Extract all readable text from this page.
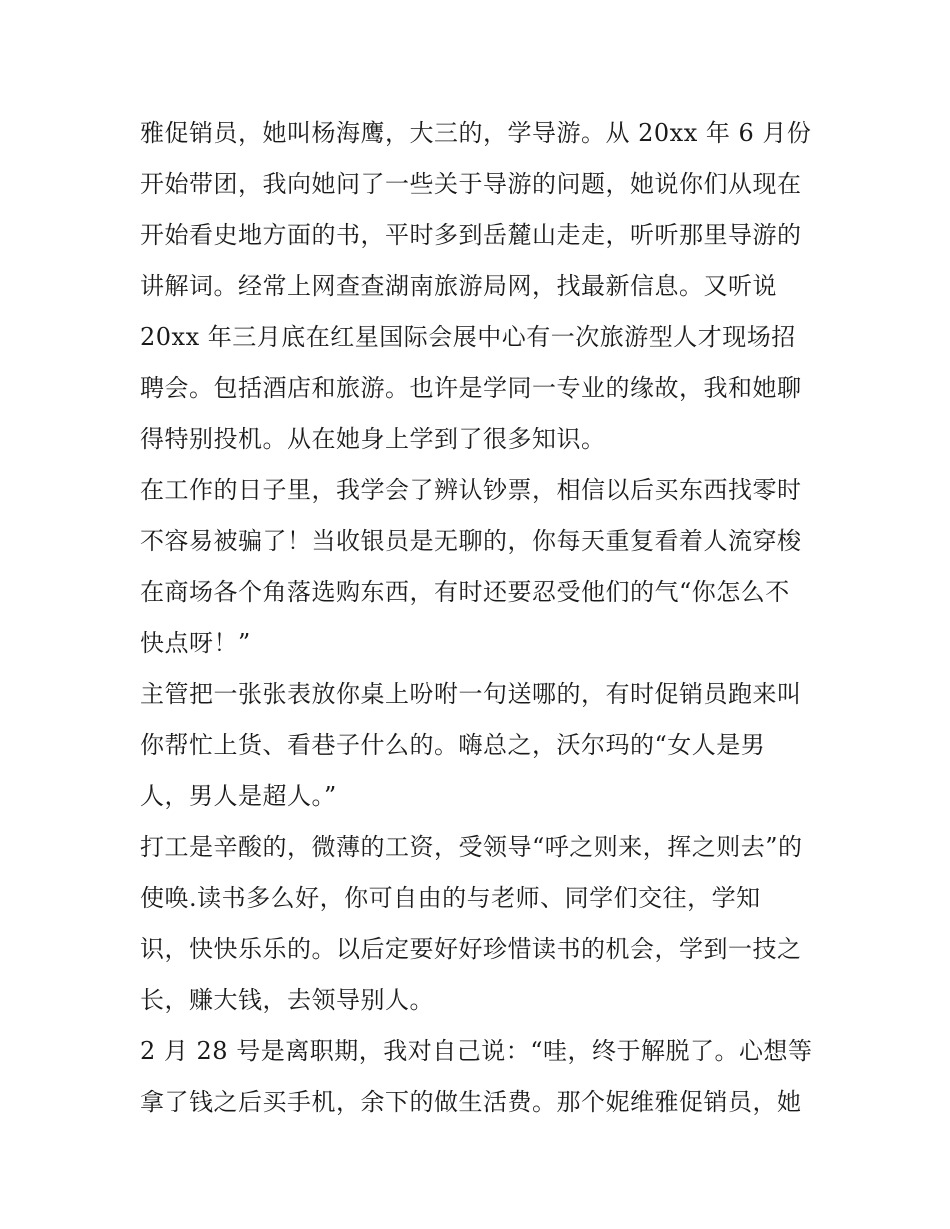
雅促销员，她叫杨海鹰，大三的，学导游。从 20xx 年 6 月份
开始带团，我向她问了一些关于导游的问题，她说你们从现在
开始看史地方面的书，平时多到岳麓山走走，听听那里导游的
讲解词。经常上网查查湖南旅游局网，找最新信息。又听说
20xx 年三月底在红星国际会展中心有一次旅游型人才现场招
聘会。包括酒店和旅游。也许是学同一专业的缘故，我和她聊
得特别投机。从在她身上学到了很多知识。
在工作的日子里，我学会了辨认钞票，相信以后买东西找零时
不容易被骗了！当收银员是无聊的，你每天重复看着人流穿梭
在商场各个角落选购东西，有时还要忍受他们的气“你怎么不
快点呀！”
主管把一张张表放你桌上吩咐一句送哪的，有时促销员跑来叫
你帮忙上货、看巷子什么的。嗨总之，沃尔玛的“女人是男
人，男人是超人。”
打工是辛酸的，微薄的工资，受领导“呼之则来，挥之则去”的
使唤.读书多么好，你可自由的与老师、同学们交往，学知
识，快快乐乐的。以后定要好好珍惜读书的机会，学到一技之
长，赚大钱，去领导别人。
2 月 28 号是离职期，我对自己说：“哇，终于解脱了。心想等
拿了钱之后买手机，余下的做生活费。那个妮维雅促销员，她
